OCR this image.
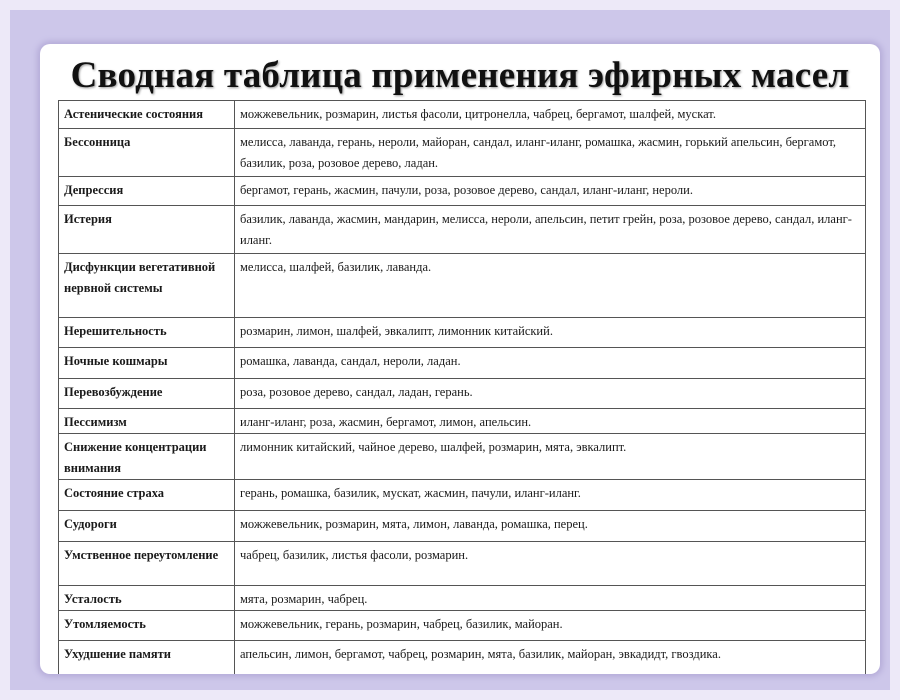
Сводная таблица применения эфирных масел
Астенические состояния	можжевельник, розмарин, листья фасоли, цитронелла, чабрец, бергамот, шалфей, мускат.
Бессонница	мелисса, лаванда, герань, нероли, майоран, сандал, иланг-иланг, ромашка, жасмин, горький апельсин, бергамот, базилик, роза, розовое дерево, ладан.
Депрессия	бергамот, герань, жасмин, пачули, роза, розовое дерево, сандал, иланг-иланг, нероли.
Истерия	базилик, лаванда, жасмин, мандарин, мелисса, нероли, апельсин, петит грейн, роза, розовое дерево, сандал, иланг-иланг.
Дисфункции вегетативной нервной системы	мелисса, шалфей, базилик, лаванда.
Нерешительность	розмарин, лимон, шалфей, эвкалипт, лимонник китайский.
Ночные кошмары	ромашка, лаванда, сандал, нероли, ладан.
Перевозбуждение	роза, розовое дерево, сандал, ладан, герань.
Пессимизм	иланг-иланг, роза, жасмин, бергамот, лимон, апельсин.
Снижение концентрации внимания	лимонник китайский, чайное дерево, шалфей, розмарин, мята, эвкалипт.
Состояние страха	герань, ромашка, базилик, мускат, жасмин, пачули, иланг-иланг.
Судороги	можжевельник, розмарин, мята, лимон, лаванда, ромашка, перец.
Умственное переутомление	чабрец, базилик, листья фасоли, розмарин.
Усталость	мята, розмарин, чабрец.
Утомляемость	можжевельник, герань, розмарин, чабрец, базилик, майоран.
Ухудшение памяти	апельсин, лимон, бергамот, чабрец, розмарин, мята, базилик, майоран, эвкадидт, гвоздика.
